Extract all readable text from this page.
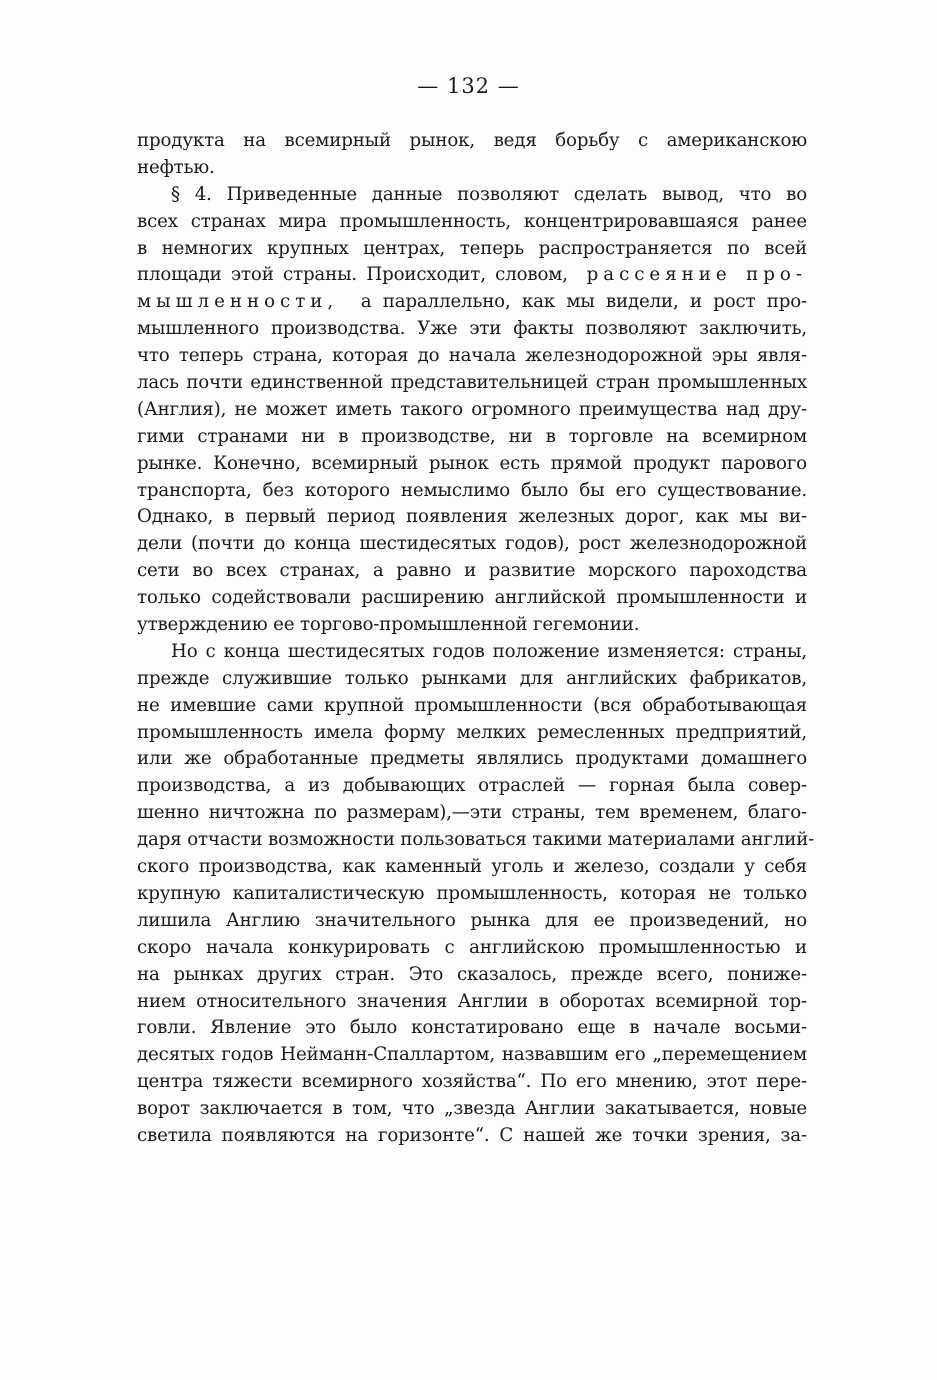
— 132 —
продукта на всемирный рынок, ведя борьбу с американскою
нефтью.
§ 4. Приведенные данные позволяют сделать вывод, что во
всех странах мира промышленность, концентрировавшаяся ранее
в немногих крупных центрах, теперь распространяется по всей
площади этой страны. Происходит, словом, рассеяние про-
мышленности, а параллельно, как мы видели, и рост про-
мышленного производства. Уже эти факты позволяют заключить,
что теперь страна, которая до начала железнодорожной эры явля-
лась почти единственной представительницей стран промышленных
(Англия), не может иметь такого огромного преимущества над дру-
гими странами ни в производстве, ни в торговле на всемирном
рынке. Конечно, всемирный рынок есть прямой продукт парового
транспорта, без которого немыслимо было бы его существование.
Однако, в первый период появления железных дорог, как мы ви-
дели (почти до конца шестидесятых годов), рост железнодорожной
сети во всех странах, а равно и развитие морского пароходства
только содействовали расширению английской промышленности и
утверждению ее торгово-промышленной гегемонии.
Но с конца шестидесятых годов положение изменяется: страны,
прежде служившие только рынками для английских фабрикатов,
не имевшие сами крупной промышленности (вся обработывающая
промышленность имела форму мелких ремесленных предприятий,
или же обработанные предметы являлись продуктами домашнего
производства, а из добывающих отраслей — горная была совер-
шенно ничтожна по размерам),—эти страны, тем временем, благо-
даря отчасти возможности пользоваться такими материалами англий-
ского производства, как каменный уголь и железо, создали у себя
крупную капиталистическую промышленность, которая не только
лишила Англию значительного рынка для ее произведений, но
скоро начала конкурировать с английскою промышленностью и
на рынках других стран. Это сказалось, прежде всего, пониже-
нием относительного значения Англии в оборотах всемирной тор-
говли. Явление это было констатировано еще в начале восьми-
десятых годов Нейманн-Спаллартом, назвавшим его „перемещением
центра тяжести всемирного хозяйства“. По его мнению, этот пере-
ворот заключается в том, что „звезда Англии закатывается, новые
светила появляются на горизонте“. С нашей же точки зрения, за-
